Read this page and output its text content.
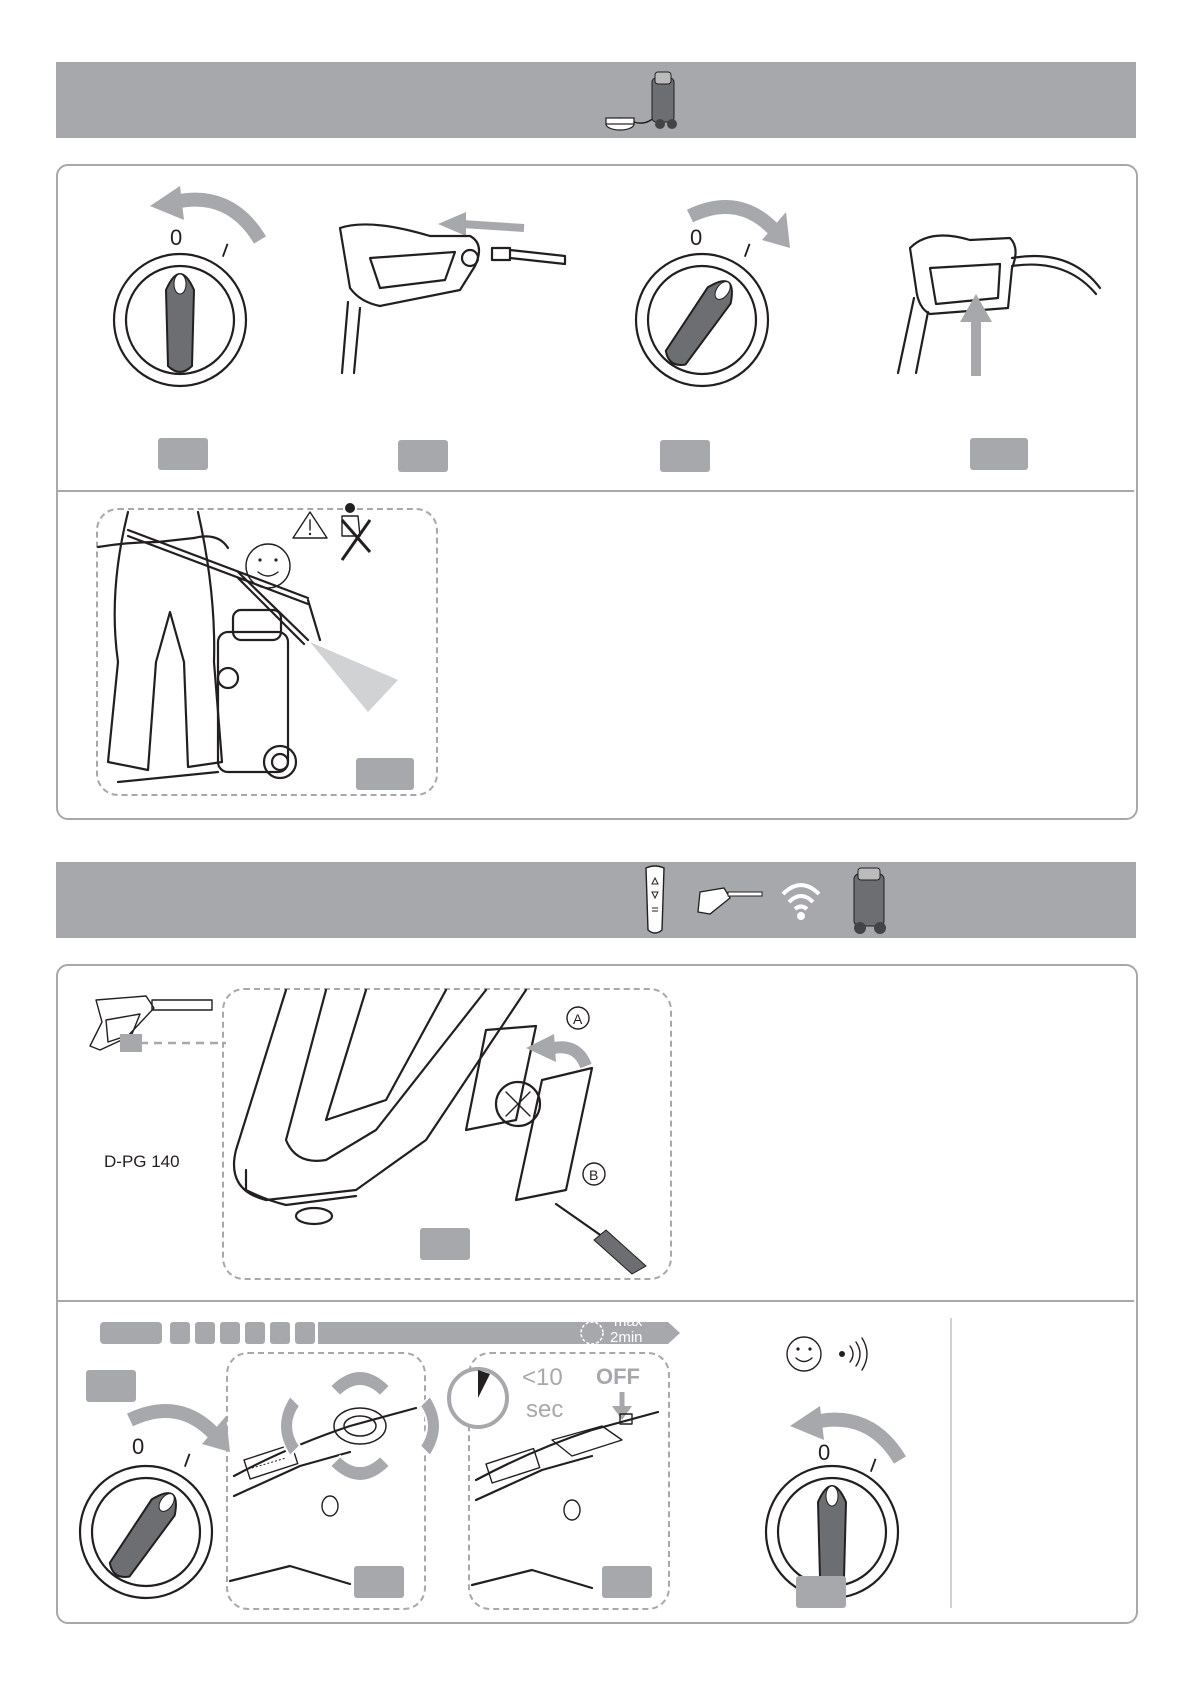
0
I
0
I
D-PG 140
A
B
max
2min
0
I
<10
sec
OFF
0
I
